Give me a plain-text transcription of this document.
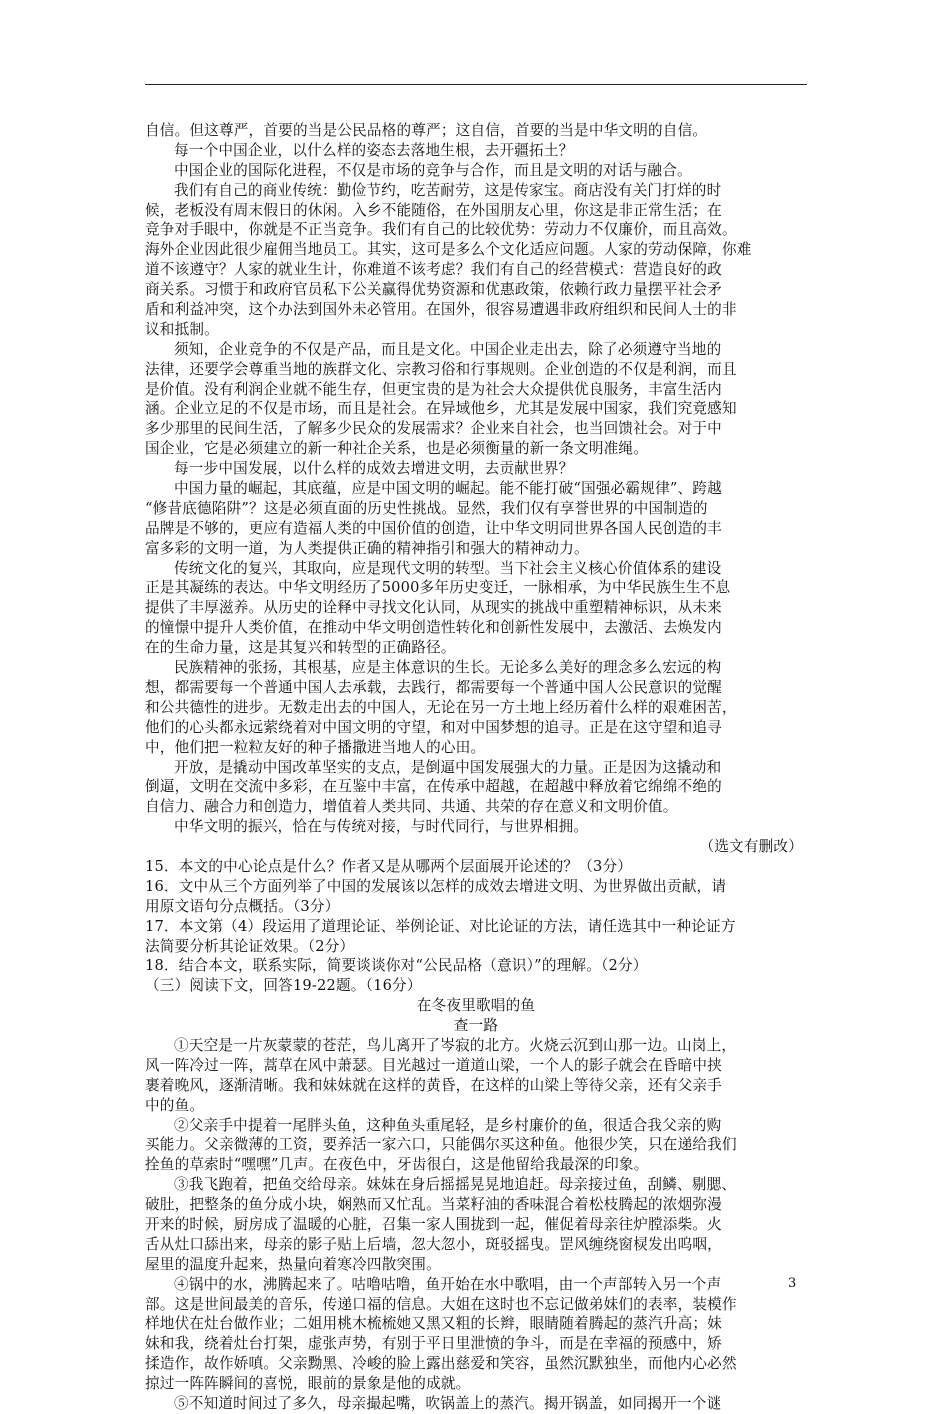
自信。但这尊严，首要的当是公民品格的尊严；这自信，首要的当是中华文明的自信。
每一个中国企业，以什么样的姿态去落地生根，去开疆拓土？
中国企业的国际化进程，不仅是市场的竞争与合作，而且是文明的对话与融合。
我们有自己的商业传统：勤俭节约，吃苦耐劳，这是传家宝。商店没有关门打烊的时
候，老板没有周末假日的休闲。入乡不能随俗，在外国朋友心里，你这是非正常生活；在
竞争对手眼中，你就是不正当竞争。我们有自己的比较优势：劳动力不仅廉价，而且高效。
海外企业因此很少雇佣当地员工。其实，这可是多么个文化适应问题。人家的劳动保障，你难
道不该遵守？人家的就业生计，你难道不该考虑？我们有自己的经营模式：营造良好的政
商关系。习惯于和政府官员私下公关赢得优势资源和优惠政策，依赖行政力量摆平社会矛
盾和利益冲突，这个办法到国外未必管用。在国外，很容易遭遇非政府组织和民间人士的非
议和抵制。
须知，企业竞争的不仅是产品，而且是文化。中国企业走出去，除了必须遵守当地的
法律，还要学会尊重当地的族群文化、宗教习俗和行事规则。企业创造的不仅是利润，而且
是价值。没有利润企业就不能生存，但更宝贵的是为社会大众提供优良服务，丰富生活内
涵。企业立足的不仅是市场，而且是社会。在异域他乡，尤其是发展中国家，我们究竟感知
多少那里的民间生活，了解多少民众的发展需求？企业来自社会，也当回馈社会。对于中
国企业，它是必须建立的新一种社企关系，也是必须衡量的新一条文明准绳。
每一步中国发展，以什么样的成效去增进文明，去贡献世界？
中国力量的崛起，其底蕴，应是中国文明的崛起。能不能打破“国强必霸规律”、跨越
“修昔底德陷阱”？这是必须直面的历史性挑战。显然，我们仅有享誉世界的中国制造的
品牌是不够的，更应有造福人类的中国价值的创造，让中华文明同世界各国人民创造的丰
富多彩的文明一道，为人类提供正确的精神指引和强大的精神动力。
传统文化的复兴，其取向，应是现代文明的转型。当下社会主义核心价值体系的建设
正是其凝练的表达。中华文明经历了5000多年历史变迁，一脉相承，为中华民族生生不息
提供了丰厚滋养。从历史的诠释中寻找文化认同，从现实的挑战中重塑精神标识，从未来
的憧憬中提升人类价值，在推动中华文明创造性转化和创新性发展中，去激活、去焕发内
在的生命力量，这是其复兴和转型的正确路径。
民族精神的张扬，其根基，应是主体意识的生长。无论多么美好的理念多么宏远的构
想，都需要每一个普通中国人去承载，去践行，都需要每一个普通中国人公民意识的觉醒
和公共德性的进步。无数走出去的中国人，无论在另一方土地上经历着什么样的艰难困苦，
他们的心头都永远萦绕着对中国文明的守望，和对中国梦想的追寻。正是在这守望和追寻
中，他们把一粒粒友好的种子播撒进当地人的心田。
开放，是撬动中国改革坚实的支点，是倒逼中国发展强大的力量。正是因为这撬动和
倒逼，文明在交流中多彩，在互鉴中丰富，在传承中超越，在超越中释放着它绵绵不绝的
自信力、融合力和创造力，增值着人类共同、共通、共荣的存在意义和文明价值。
中华文明的振兴，恰在与传统对接，与时代同行，与世界相拥。
（选文有删改）
15．本文的中心论点是什么？作者又是从哪两个层面展开论述的？（3分）
16．文中从三个方面列举了中国的发展该以怎样的成效去增进文明、为世界做出贡献，请
用原文语句分点概括。（3分）
17．本文第（4）段运用了道理论证、举例论证、对比论证的方法，请任选其中一种论证方
法简要分析其论证效果。（2分）
18．结合本文，联系实际，简要谈谈你对“公民品格（意识）”的理解。（2分）
（三）阅读下文，回答19-22题。（16分）
在冬夜里歌唱的鱼
查一路
①天空是一片灰蒙蒙的苍茫，鸟儿离开了岑寂的北方。火烧云沉到山那一边。山岗上，
风一阵冷过一阵，蒿草在风中萧瑟。目光越过一道道山梁，一个人的影子就会在昏暗中挟
裹着晚风，逐渐清晰。我和妹妹就在这样的黄昏，在这样的山梁上等待父亲，还有父亲手
中的鱼。
②父亲手中提着一尾胖头鱼，这种鱼头重尾轻，是乡村廉价的鱼，很适合我父亲的购
买能力。父亲微薄的工资，要养活一家六口，只能偶尔买这种鱼。他很少笑，只在递给我们
拴鱼的草索时“嘿嘿”几声。在夜色中，牙齿很白，这是他留给我最深的印象。
③我飞跑着，把鱼交给母亲。妹妹在身后摇摇晃晃地追赶。母亲接过鱼，刮鳞、剔腮、
破肚，把整条的鱼分成小块，娴熟而又忙乱。当菜籽油的香味混合着松枝腾起的浓烟弥漫
开来的时候，厨房成了温暖的心脏，召集一家人围拢到一起，催促着母亲往炉膛添柴。火
舌从灶口舔出来，母亲的影子贴上后墙，忽大忽小，斑驳摇曳。罡风缠绕窗棂发出呜咽，
屋里的温度升起来，热量向着寒冷四散突围。
④锅中的水，沸腾起来了。咕噜咕噜，鱼开始在水中歌唱，由一个声部转入另一个声
部。这是世间最美的音乐，传递口福的信息。大姐在这时也不忘记做弟妹们的表率，装模作
样地伏在灶台做作业；二姐用桃木梳梳她又黑又粗的长辫，眼睛随着腾起的蒸汽升高；妹
妹和我，绕着灶台打架，虚张声势，有别于平日里泄愤的争斗，而是在幸福的预感中，矫
揉造作，故作娇嗔。父亲黝黑、冷峻的脸上露出慈爱和笑容，虽然沉默独坐，而他内心必然
掠过一阵阵瞬间的喜悦，眼前的景象是他的成就。
⑤不知道时间过了多久，母亲撮起嘴，吹锅盖上的蒸汽。揭开锅盖，如同揭开一个谜
3
